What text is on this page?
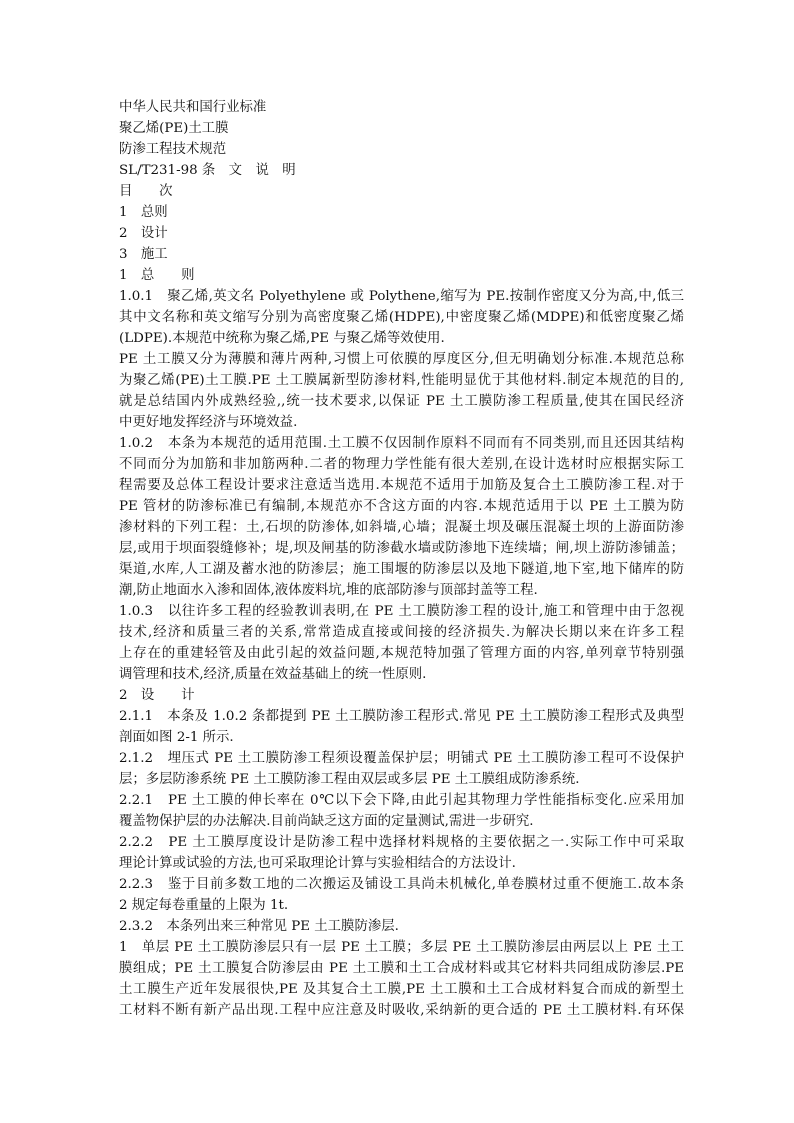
中华人民共和国行业标准
聚乙烯(PE)土工膜
防渗工程技术规范
SL/T231-98 条　文　说　明
目　　次
1　总则
2　设计
3　施工
1　总　　则
1.0.1　聚乙烯,英文名 Polyethylene 或 Polythene,缩写为 PE.按制作密度又分为高,中,低三
其中文名称和英文缩写分别为高密度聚乙烯(HDPE),中密度聚乙烯(MDPE)和低密度聚乙烯
(LDPE).本规范中统称为聚乙烯,PE 与聚乙烯等效使用.
PE 土工膜又分为薄膜和薄片两种,习惯上可依膜的厚度区分,但无明确划分标准.本规范总称
为聚乙烯(PE)土工膜.PE 土工膜属新型防渗材料,性能明显优于其他材料.制定本规范的目的,
就是总结国内外成熟经验,,统一技术要求,以保证 PE 土工膜防渗工程质量,使其在国民经济
中更好地发挥经济与环境效益.
1.0.2　本条为本规范的适用范围.土工膜不仅因制作原料不同而有不同类别,而且还因其结构
不同而分为加筋和非加筋两种.二者的物理力学性能有很大差别,在设计选材时应根据实际工
程需要及总体工程设计要求注意适当选用.本规范不适用于加筋及复合土工膜防渗工程.对于
PE 管材的防渗标准已有编制,本规范亦不含这方面的内容.本规范适用于以 PE 土工膜为防
渗材料的下列工程：土,石坝的防渗体,如斜墙,心墙；混凝土坝及碾压混凝土坝的上游面防渗
层,或用于坝面裂缝修补；堤,坝及闸基的防渗截水墙或防渗地下连续墙；闸,坝上游防渗铺盖；
渠道,水库,人工湖及蓄水池的防渗层；施工围堰的防渗层以及地下隧道,地下室,地下储库的防
潮,防止地面水入渗和固体,液体废料坑,堆的底部防渗与顶部封盖等工程.
1.0.3　以往许多工程的经验教训表明,在 PE 土工膜防渗工程的设计,施工和管理中由于忽视
技术,经济和质量三者的关系,常常造成直接或间接的经济损失.为解决长期以来在许多工程
上存在的重建轻管及由此引起的效益问题,本规范特加强了管理方面的内容,单列章节特别强
调管理和技术,经济,质量在效益基础上的统一性原则.
2　设　　计
2.1.1　本条及 1.0.2 条都提到 PE 土工膜防渗工程形式.常见 PE 土工膜防渗工程形式及典型
剖面如图 2-1 所示.
2.1.2　埋压式 PE 土工膜防渗工程须设覆盖保护层；明铺式 PE 土工膜防渗工程可不设保护
层；多层防渗系统 PE 土工膜防渗工程由双层或多层 PE 土工膜组成防渗系统.
2.2.1　PE 土工膜的伸长率在 0℃以下会下降,由此引起其物理力学性能指标变化.应采用加
覆盖物保护层的办法解决.目前尚缺乏这方面的定量测试,需进一步研究.
2.2.2　PE 土工膜厚度设计是防渗工程中选择材料规格的主要依据之一.实际工作中可采取
理论计算或试验的方法,也可采取理论计算与实验相结合的方法设计.
2.2.3　鉴于目前多数工地的二次搬运及铺设工具尚未机械化,单卷膜材过重不便施工.故本条
2 规定每卷重量的上限为 1t.
2.3.2　本条列出来三种常见 PE 土工膜防渗层.
1　单层 PE 土工膜防渗层只有一层 PE 土工膜；多层 PE 土工膜防渗层由两层以上 PE 土工
膜组成；PE 土工膜复合防渗层由 PE 土工膜和土工合成材料或其它材料共同组成防渗层.PE
土工膜生产近年发展很快,PE 及其复合土工膜,PE 土工膜和土工合成材料复合而成的新型土
工材料不断有新产品出现.工程中应注意及时吸收,采纳新的更合适的 PE 土工膜材料.有环保
